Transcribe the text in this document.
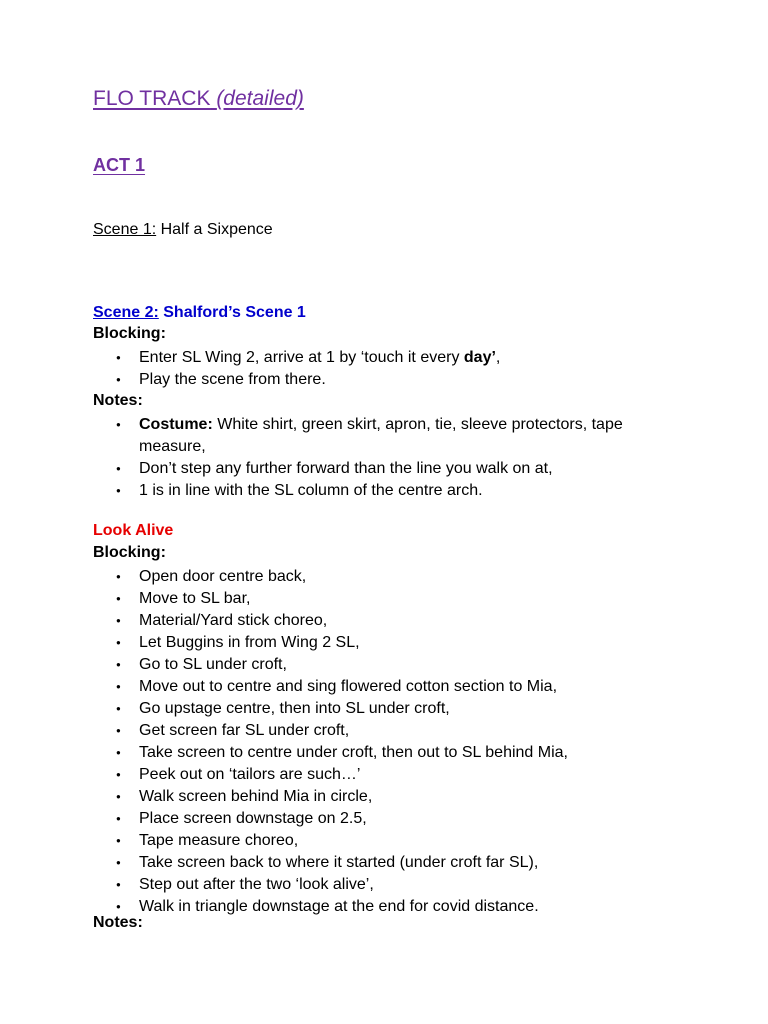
FLO TRACK (detailed)
ACT 1
Scene 1: Half a Sixpence
Scene 2: Shalford’s Scene 1
Blocking:
● Enter SL Wing 2, arrive at 1 by ‘touch it every day’,
● Play the scene from there.
Notes:
● Costume: White shirt, green skirt, apron, tie, sleeve protectors, tape measure,
● Don’t step any further forward than the line you walk on at,
● 1 is in line with the SL column of the centre arch.
Look Alive
Blocking:
● Open door centre back,
● Move to SL bar,
● Material/Yard stick choreo,
● Let Buggins in from Wing 2 SL,
● Go to SL under croft,
● Move out to centre and sing flowered cotton section to Mia,
● Go upstage centre, then into SL under croft,
● Get screen far SL under croft,
● Take screen to centre under croft, then out to SL behind Mia,
● Peek out on ‘tailors are such…’
● Walk screen behind Mia in circle,
● Place screen downstage on 2.5,
● Tape measure choreo,
● Take screen back to where it started (under croft far SL),
● Step out after the two ‘look alive’,
● Walk in triangle downstage at the end for covid distance.
Notes:
